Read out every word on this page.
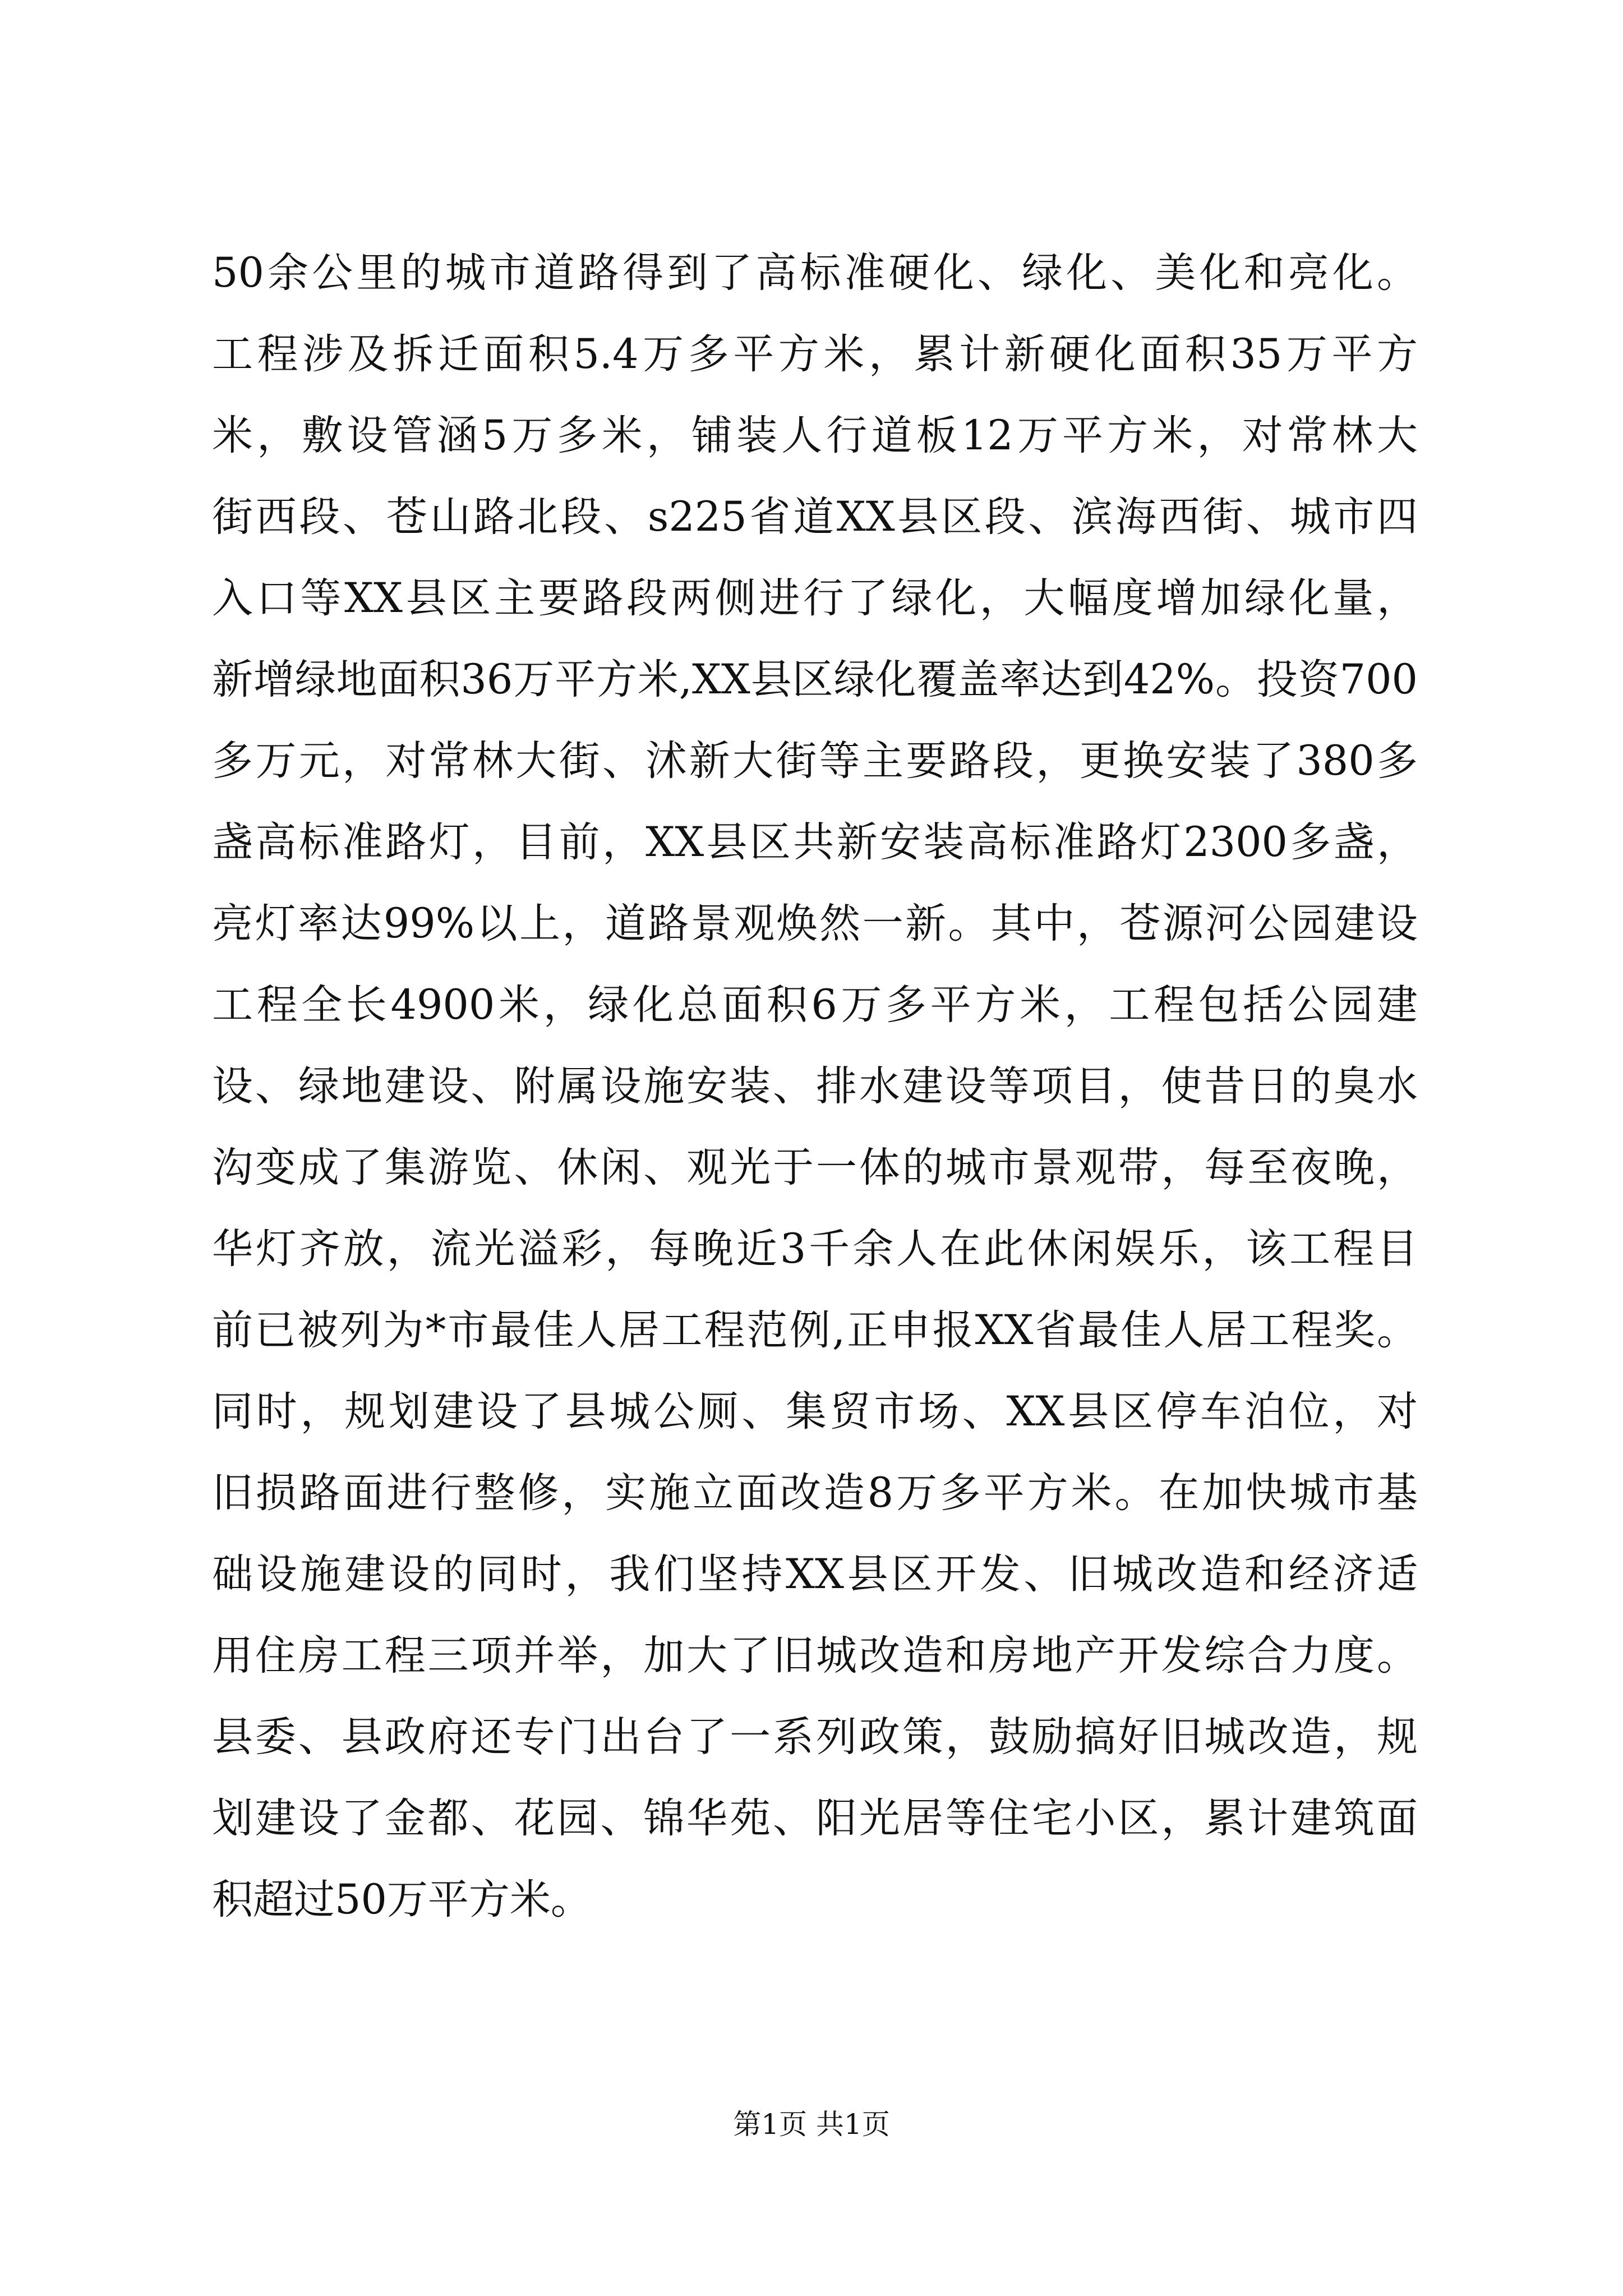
50余公里的城市道路得到了高标准硬化、绿化、美化和亮化。
工程涉及拆迁面积5.4万多平方米，累计新硬化面积35万平方
米，敷设管涵5万多米，铺装人行道板12万平方米，对常林大
街西段、苍山路北段、s225省道XX县区段、滨海西街、城市四
入口等XX县区主要路段两侧进行了绿化，大幅度增加绿化量，
新增绿地面积36万平方米,XX县区绿化覆盖率达到42%。投资700
多万元，对常林大街、沭新大街等主要路段，更换安装了380多
盏高标准路灯，目前，XX县区共新安装高标准路灯2300多盏，
亮灯率达99%以上，道路景观焕然一新。其中，苍源河公园建设
工程全长4900米，绿化总面积6万多平方米，工程包括公园建
设、绿地建设、附属设施安装、排水建设等项目，使昔日的臭水
沟变成了集游览、休闲、观光于一体的城市景观带，每至夜晚，
华灯齐放，流光溢彩，每晚近3千余人在此休闲娱乐，该工程目
前已被列为*市最佳人居工程范例,正申报XX省最佳人居工程奖。
同时，规划建设了县城公厕、集贸市场、XX县区停车泊位，对
旧损路面进行整修，实施立面改造8万多平方米。在加快城市基
础设施建设的同时，我们坚持XX县区开发、旧城改造和经济适
用住房工程三项并举，加大了旧城改造和房地产开发综合力度。
县委、县政府还专门出台了一系列政策，鼓励搞好旧城改造，规
划建设了金都、花园、锦华苑、阳光居等住宅小区，累计建筑面
积超过50万平方米。
第1页 共1页
